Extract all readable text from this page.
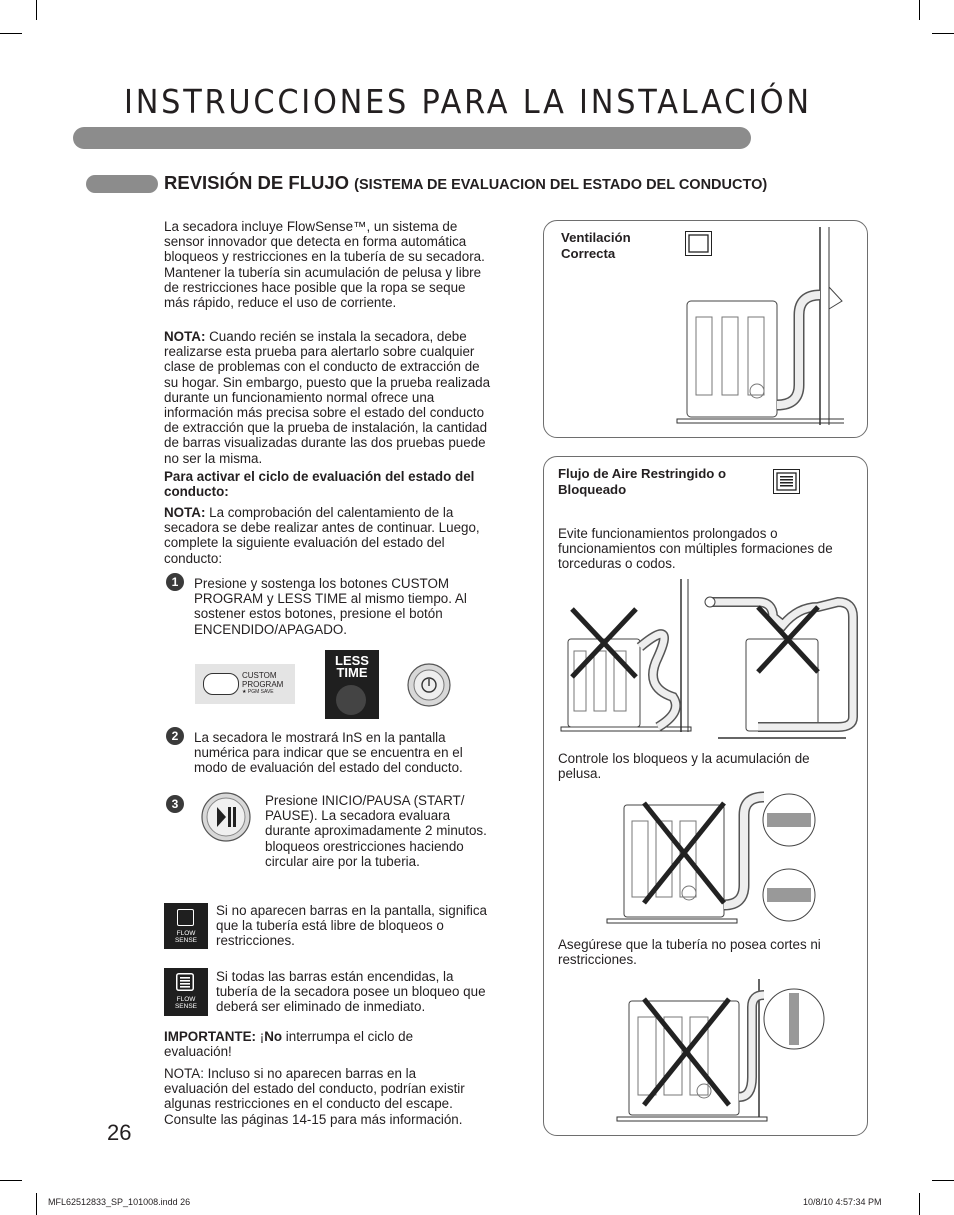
INSTRUCCIONES PARA LA INSTALACIÓN
REVISIÓN DE FLUJO (SISTEMA DE EVALUACION DEL ESTADO DEL CONDUCTO)
La secadora incluye FlowSense™, un sistema de sensor innovador que detecta en forma automática bloqueos y restricciones en la tubería de su secadora. Mantener la tubería sin acumulación de pelusa y libre de restricciones hace posible que la ropa se seque más rápido, reduce el uso de corriente.
NOTA: Cuando recién se instala la secadora, debe realizarse esta prueba para alertarlo sobre cualquier clase de problemas con el conducto de extracción de su hogar. Sin embargo, puesto que la prueba realizada durante un funcionamiento normal ofrece una información más precisa sobre el estado del conducto de extracción que la prueba de instalación, la cantidad de barras visualizadas durante las dos pruebas puede no ser la misma.
Para activar el ciclo de evaluación del estado del conducto:
NOTA: La comprobación del calentamiento de la secadora se debe realizar antes de continuar. Luego, complete la siguiente evaluación del estado del conducto:
1	Presione y sostenga los botones CUSTOM PROGRAM y LESS TIME al mismo tiempo. Al sostener estos botones, presione el botón ENCENDIDO/APAGADO.
CUSTOM
PROGRAM
★ PGM SAVE
LESS
TIME
2	La secadora le mostrará InS en la pantalla numérica para indicar que se encuentra en el modo de evaluación del estado del conducto.
3	Presione INICIO/PAUSA (START/ PAUSE). La secadora evaluara durante aproximadamente 2 minutos. bloqueos orestricciones haciendo circular aire por la tuberia.
FLOW
SENSE
Si no aparecen barras en la pantalla, significa que la tubería está libre de bloqueos o restricciones.
FLOW
SENSE
Si todas las barras están encendidas, la tubería de la secadora posee un bloqueo que deberá ser eliminado de inmediato.
IMPORTANTE: ¡No interrumpa el ciclo de evaluación!
NOTA: Incluso si no aparecen barras en la evaluación del estado del conducto, podrían existir algunas restricciones en el conducto del escape. Consulte las páginas 14-15 para más información.
26
MFL62512833_SP_101008.indd 26	10/8/10 4:57:34 PM
Ventilación Correcta
Flujo de Aire Restringido o Bloqueado
Evite funcionamientos prolongados o funcionamientos con múltiples formaciones de torceduras o codos.
Controle los bloqueos y la acumulación de pelusa.
Asegúrese que la tubería no posea cortes ni restricciones.
